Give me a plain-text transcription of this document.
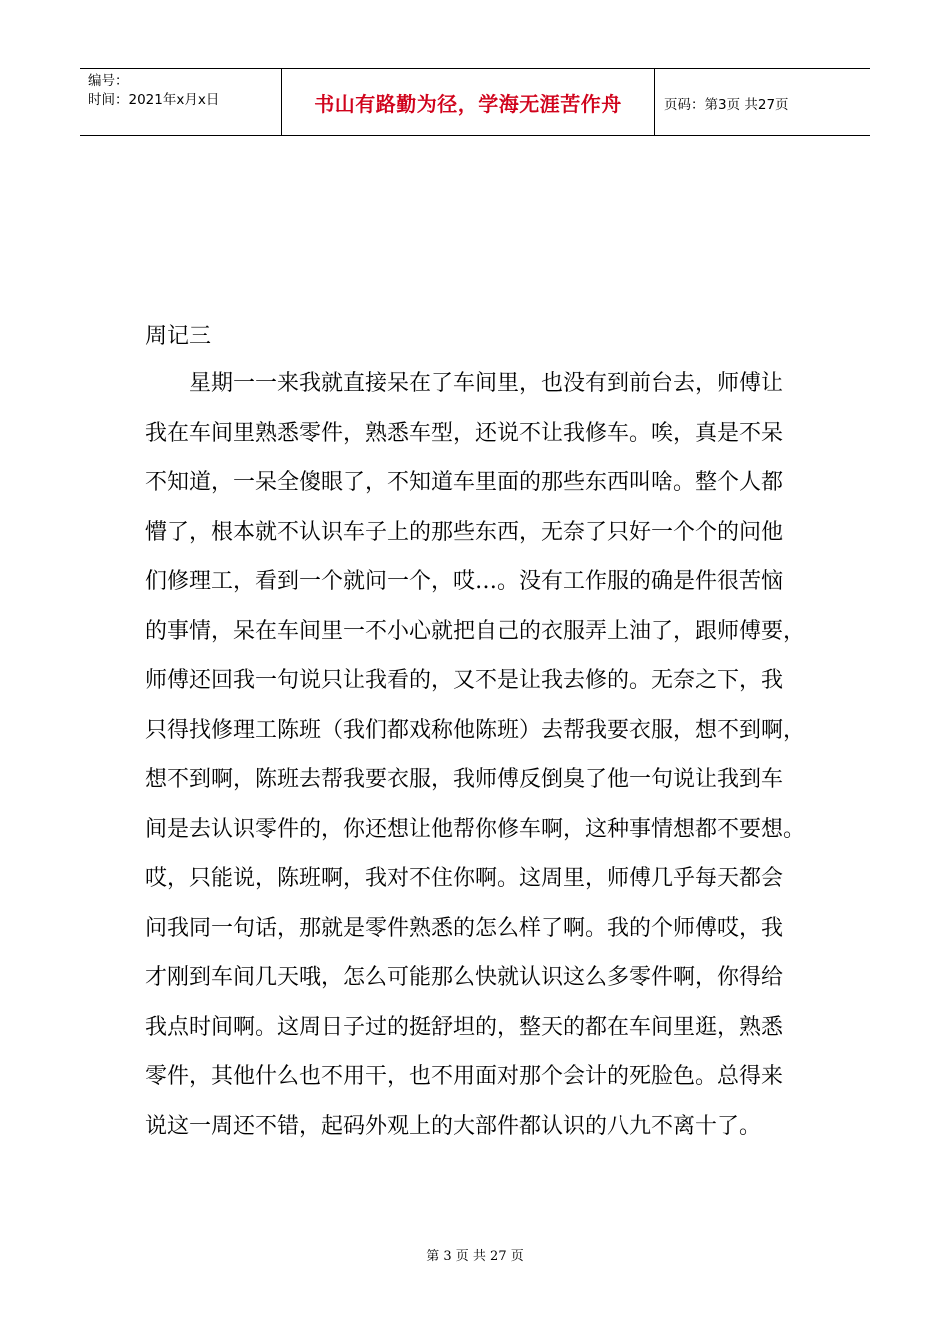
编号：
时间：2021年x月x日	书山有路勤为径，学海无涯苦作舟	页码：第3页 共27页
周记三
星期一一来我就直接呆在了车间里，也没有到前台去，师傅让
我在车间里熟悉零件，熟悉车型，还说不让我修车。唉，真是不呆
不知道，一呆全傻眼了，不知道车里面的那些东西叫啥。整个人都
懵了，根本就不认识车子上的那些东西，无奈了只好一个个的问他
们修理工，看到一个就问一个，哎…。没有工作服的确是件很苦恼
的事情，呆在车间里一不小心就把自己的衣服弄上油了，跟师傅要，
师傅还回我一句说只让我看的，又不是让我去修的。无奈之下，我
只得找修理工陈班（我们都戏称他陈班）去帮我要衣服，想不到啊，
想不到啊，陈班去帮我要衣服，我师傅反倒臭了他一句说让我到车
间是去认识零件的，你还想让他帮你修车啊，这种事情想都不要想。
哎，只能说，陈班啊，我对不住你啊。这周里，师傅几乎每天都会
问我同一句话，那就是零件熟悉的怎么样了啊。我的个师傅哎，我
才刚到车间几天哦，怎么可能那么快就认识这么多零件啊，你得给
我点时间啊。这周日子过的挺舒坦的，整天的都在车间里逛，熟悉
零件，其他什么也不用干，也不用面对那个会计的死脸色。总得来
说这一周还不错，起码外观上的大部件都认识的八九不离十了。
第 3 页 共 27 页
